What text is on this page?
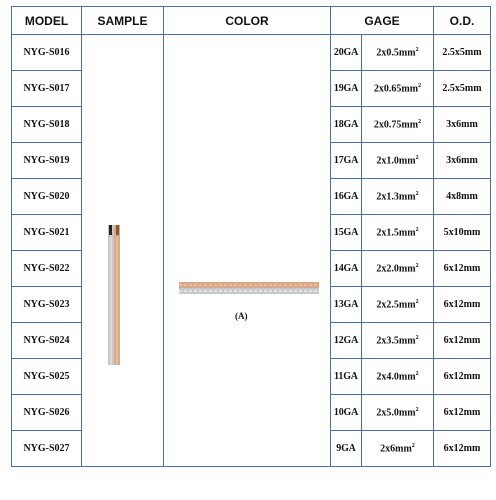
MODEL	SAMPLE	COLOR	GAGE		O.D.
NYG-S016		(A)	20GA	$2x0.5mm^2$	2.5x5mm
NYG-S017			19GA	$2x0.65mm^2$	2.5x5mm
NYG-S018			18GA	$2x0.75mm^2$	3x6mm
NYG-S019			17GA	$2x1.0mm^2$	3x6mm
NYG-S020			16GA	$2x1.3mm^2$	4x8mm
NYG-S021			15GA	$2x1.5mm^2$	5x10mm
NYG-S022			14GA	$2x2.0mm^2$	6x12mm
NYG-S023			13GA	$2x2.5mm^2$	6x12mm
NYG-S024			12GA	$2x3.5mm^2$	6x12mm
NYG-S025			11GA	$2x4.0mm^2$	6x12mm
NYG-S026			10GA	$2x5.0mm^2$	6x12mm
NYG-S027			9GA	$2x6mm^2$	6x12mm
